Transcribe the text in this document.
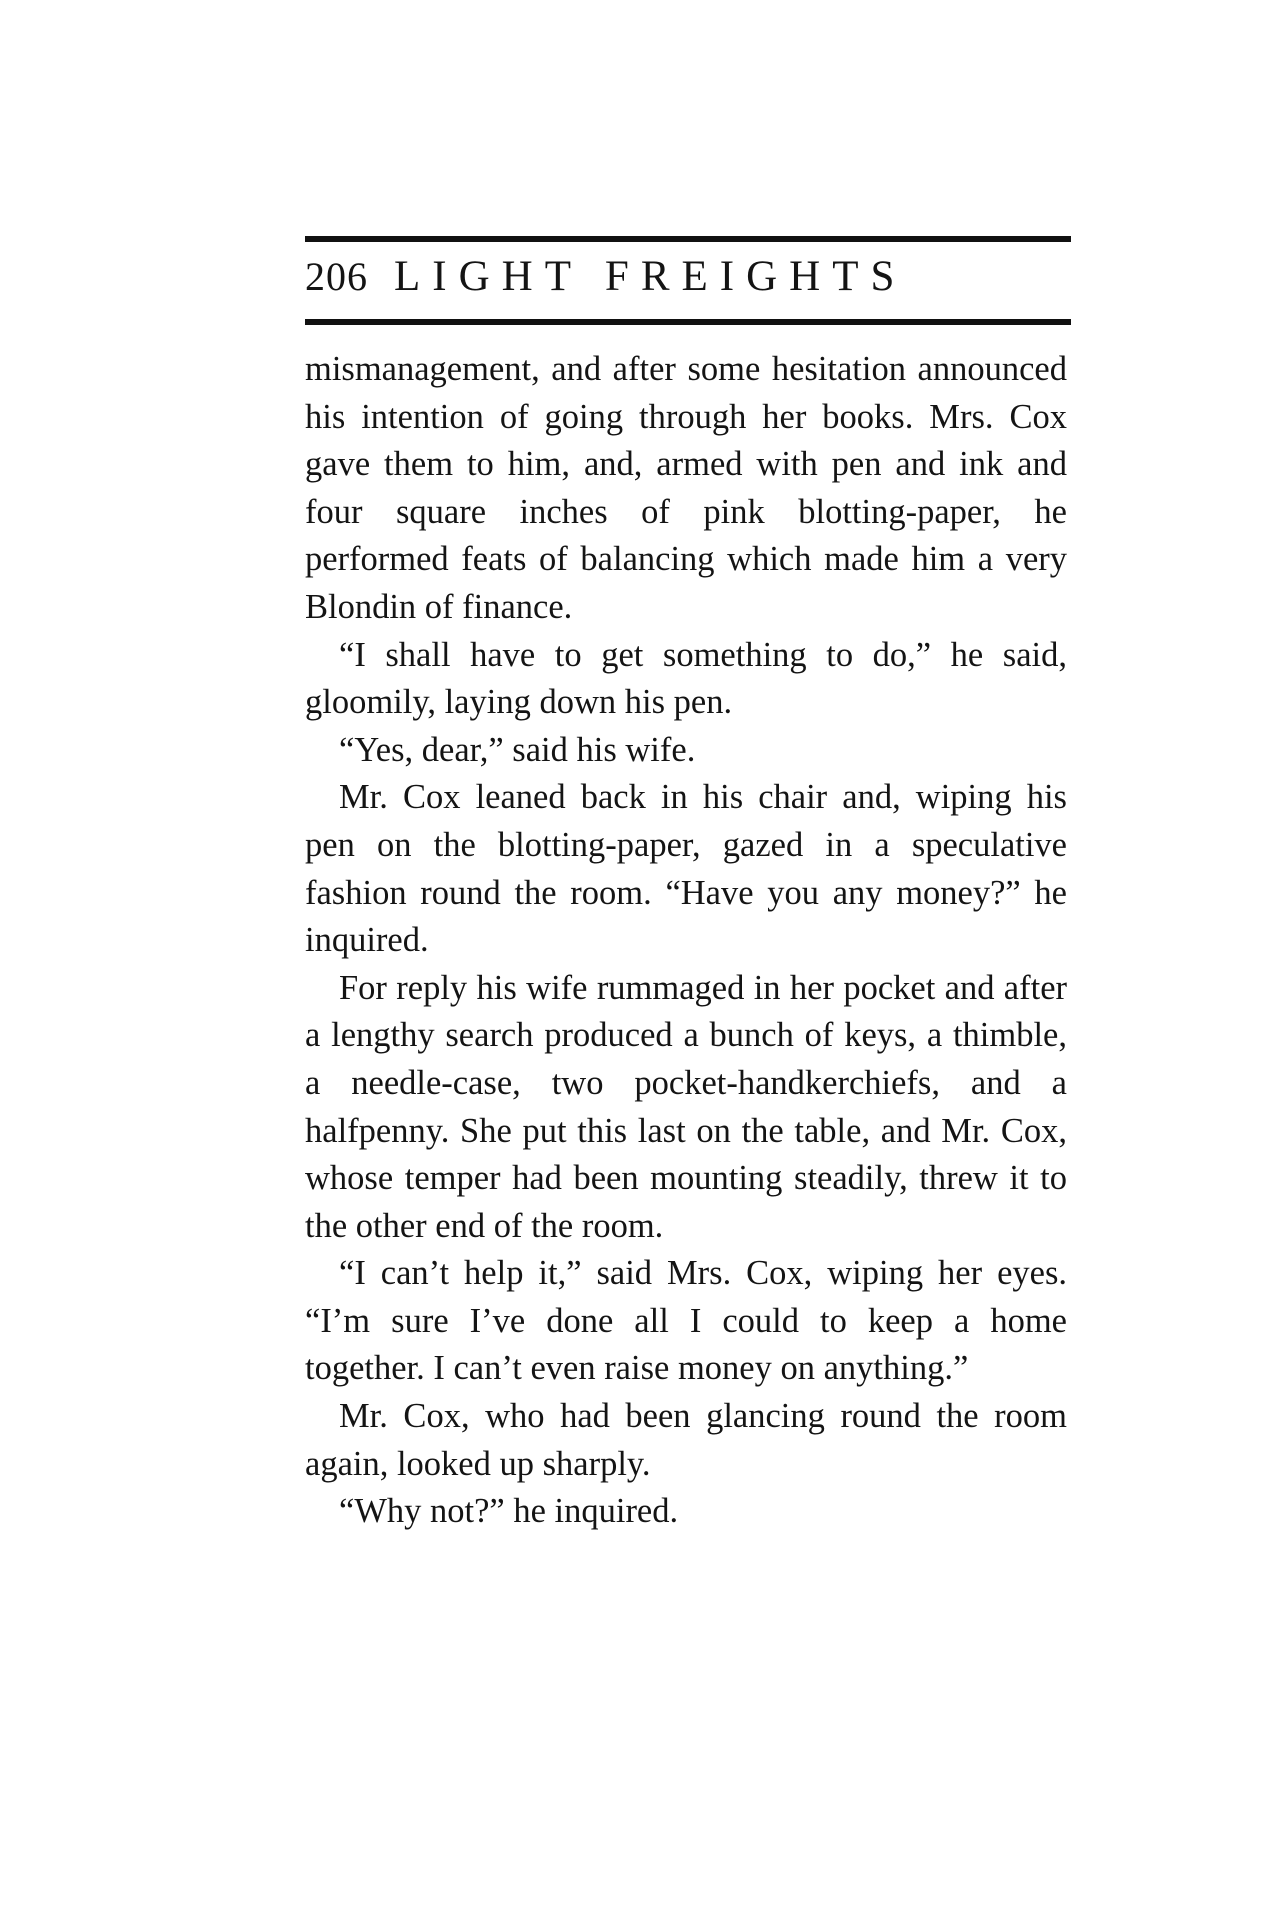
206 LIGHT FREIGHTS

mismanagement, and after some hesitation announced his intention of going through her books. Mrs. Cox gave them to him, and, armed with pen and ink and four square inches of pink blotting-paper, he performed feats of balancing which made him a very Blondin of finance.

“I shall have to get something to do,” he said, gloomily, laying down his pen.

“Yes, dear,” said his wife.

Mr. Cox leaned back in his chair and, wiping his pen on the blotting-paper, gazed in a speculative fashion round the room. “Have you any money?” he inquired.

For reply his wife rummaged in her pocket and after a lengthy search produced a bunch of keys, a thimble, a needle-case, two pocket-handkerchiefs, and a halfpenny. She put this last on the table, and Mr. Cox, whose temper had been mounting steadily, threw it to the other end of the room.

“I can’t help it,” said Mrs. Cox, wiping her eyes. “I’m sure I’ve done all I could to keep a home together. I can’t even raise money on anything.”

Mr. Cox, who had been glancing round the room again, looked up sharply.

“Why not?” he inquired.
